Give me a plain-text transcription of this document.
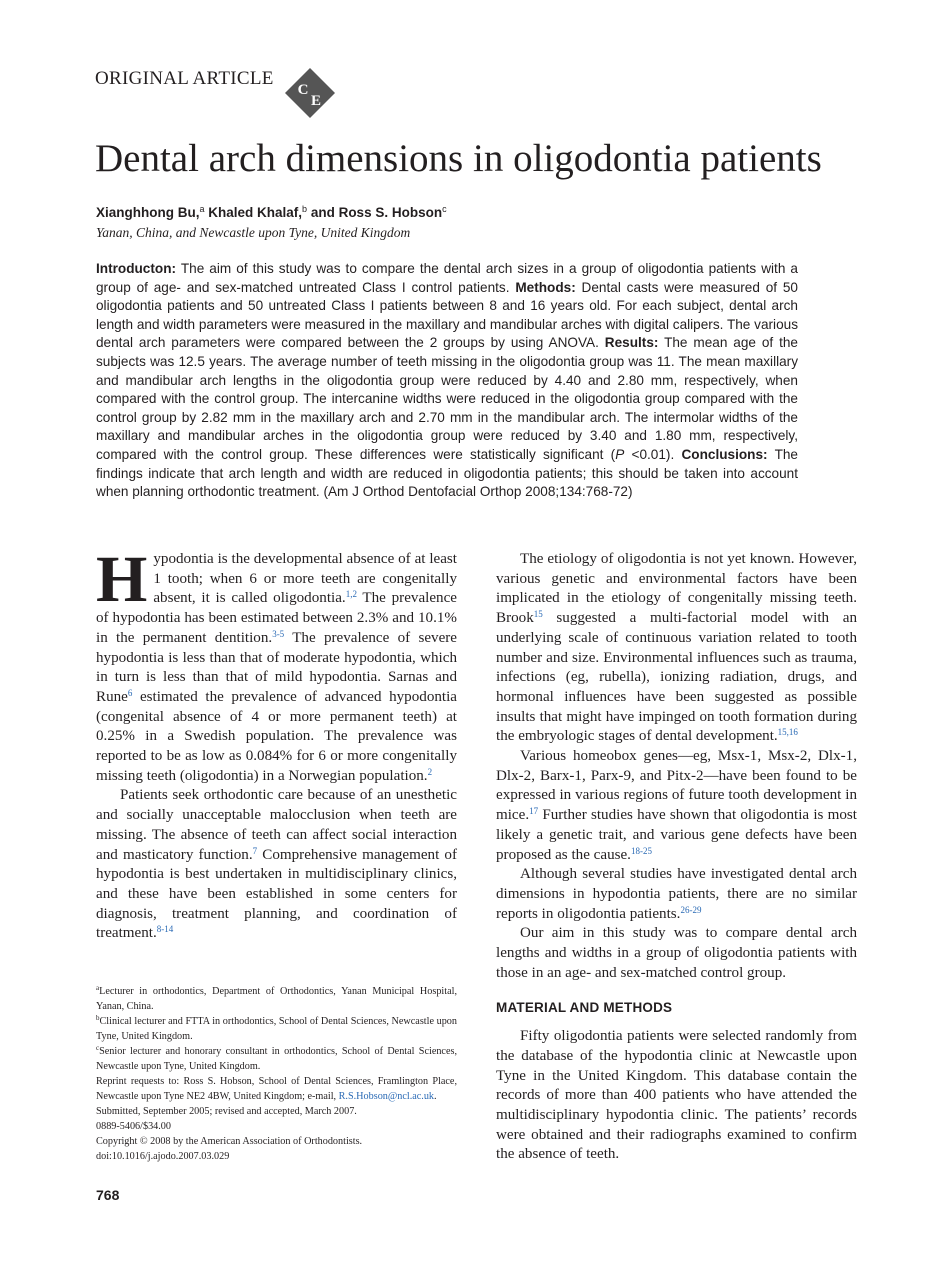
ORIGINAL ARTICLE
C
E
Dental arch dimensions in oligodontia patients
Xianghhong Bu,$^a$ Khaled Khalaf,$^b$ and Ross S. Hobson$^c$
Yanan, China, and Newcastle upon Tyne, United Kingdom
Introducton: The aim of this study was to compare the dental arch sizes in a group of oligodontia patients with a group of age- and sex-matched untreated Class I control patients. Methods: Dental casts were measured of 50 oligodontia patients and 50 untreated Class I patients between 8 and 16 years old. For each subject, dental arch length and width parameters were measured in the maxillary and mandibular arches with digital calipers. The various dental arch parameters were compared between the 2 groups by using ANOVA. Results: The mean age of the subjects was 12.5 years. The average number of teeth missing in the oligodontia group was 11. The mean maxillary and mandibular arch lengths in the oligodontia group were reduced by 4.40 and 2.80 mm, respectively, when compared with the control group. The intercanine widths were reduced in the oligodontia group compared with the control group by 2.82 mm in the maxillary arch and 2.70 mm in the mandibular arch. The intermolar widths of the maxillary and mandibular arches in the oligodontia group were reduced by 3.40 and 1.80 mm, respectively, compared with the control group. These differences were statistically significant (P <0.01). Conclusions: The findings indicate that arch length and width are reduced in oligodontia patients; this should be taken into account when planning orthodontic treatment. (Am J Orthod Dentofacial Orthop 2008;134:768-72)

Hypodontia is the developmental absence of at least 1 tooth; when 6 or more teeth are congenitally absent, it is called oligodontia.$^{1,2}$ The prevalence of hypodontia has been estimated between 2.3% and 10.1% in the permanent dentition.$^{3-5}$ The prevalence of severe hypodontia is less than that of moderate hypodontia, which in turn is less than that of mild hypodontia. Sarnas and Rune$^6$ estimated the prevalence of advanced hypodontia (congenital absence of 4 or more permanent teeth) at 0.25% in a Swedish population. The prevalence was reported to be as low as 0.084% for 6 or more congenitally missing teeth (oligodontia) in a Norwegian population.$^2$

Patients seek orthodontic care because of an unesthetic and socially unacceptable malocclusion when teeth are missing. The absence of teeth can affect social interaction and masticatory function.$^7$ Comprehensive management of hypodontia is best undertaken in multidisciplinary clinics, and these have been established in some centers for diagnosis, treatment planning, and coordination of treatment.$^{8-14}$

$^a$Lecturer in orthodontics, Department of Orthodontics, Yanan Municipal Hospital, Yanan, China.
$^b$Clinical lecturer and FTTA in orthodontics, School of Dental Sciences, Newcastle upon Tyne, United Kingdom.
$^c$Senior lecturer and honorary consultant in orthodontics, School of Dental Sciences, Newcastle upon Tyne, United Kingdom.
Reprint requests to: Ross S. Hobson, School of Dental Sciences, Framlington Place, Newcastle upon Tyne NE2 4BW, United Kingdom; e-mail, R.S.Hobson@ncl.ac.uk.
Submitted, September 2005; revised and accepted, March 2007.
0889-5406/$34.00
Copyright © 2008 by the American Association of Orthodontists.
doi:10.1016/j.ajodo.2007.03.029
768

The etiology of oligodontia is not yet known. However, various genetic and environmental factors have been implicated in the etiology of congenitally missing teeth. Brook$^{15}$ suggested a multi-factorial model with an underlying scale of continuous variation related to tooth number and size. Environmental influences such as trauma, infections (eg, rubella), ionizing radiation, drugs, and hormonal influences have been suggested as possible insults that might have impinged on tooth formation during the embryologic stages of dental development.$^{15,16}$

Various homeobox genes—eg, Msx-1, Msx-2, Dlx-1, Dlx-2, Barx-1, Parx-9, and Pitx-2—have been found to be expressed in various regions of future tooth development in mice.$^{17}$ Further studies have shown that oligodontia is most likely a genetic trait, and various gene defects have been proposed as the cause.$^{18-25}$

Although several studies have investigated dental arch dimensions in hypodontia patients, there are no similar reports in oligodontia patients.$^{26-29}$

Our aim in this study was to compare dental arch lengths and widths in a group of oligodontia patients with those in an age- and sex-matched control group.

MATERIAL AND METHODS

Fifty oligodontia patients were selected randomly from the database of the hypodontia clinic at Newcastle upon Tyne in the United Kingdom. This database contain the records of more than 400 patients who have attended the multidisciplinary hypodontia clinic. The patients’ records were obtained and their radiographs examined to confirm the absence of teeth.
